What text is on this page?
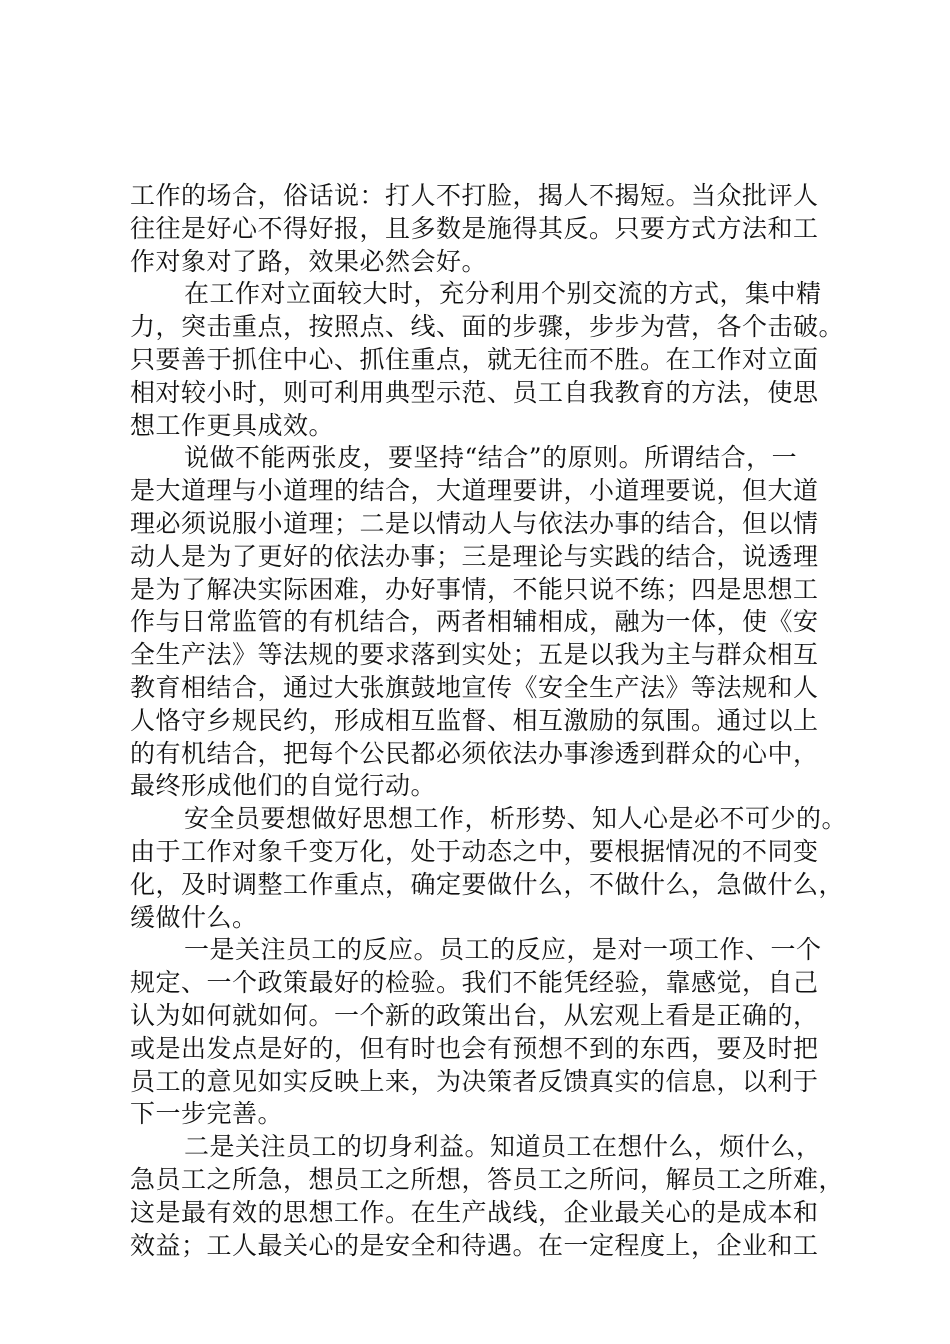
工作的场合，俗话说：打人不打脸，揭人不揭短。当众批评人
往往是好心不得好报，且多数是施得其反。只要方式方法和工
作对象对了路，效果必然会好。
在工作对立面较大时，充分利用个别交流的方式，集中精
力，突击重点，按照点、线、面的步骤，步步为营，各个击破。
只要善于抓住中心、抓住重点，就无往而不胜。在工作对立面
相对较小时，则可利用典型示范、员工自我教育的方法，使思
想工作更具成效。
说做不能两张皮，要坚持“结合”的原则。所谓结合，一
是大道理与小道理的结合，大道理要讲，小道理要说，但大道
理必须说服小道理；二是以情动人与依法办事的结合，但以情
动人是为了更好的依法办事；三是理论与实践的结合，说透理
是为了解决实际困难，办好事情，不能只说不练；四是思想工
作与日常监管的有机结合，两者相辅相成，融为一体，使《安
全生产法》等法规的要求落到实处；五是以我为主与群众相互
教育相结合，通过大张旗鼓地宣传《安全生产法》等法规和人
人恪守乡规民约，形成相互监督、相互激励的氛围。通过以上
的有机结合，把每个公民都必须依法办事渗透到群众的心中，
最终形成他们的自觉行动。
安全员要想做好思想工作，析形势、知人心是必不可少的。
由于工作对象千变万化，处于动态之中，要根据情况的不同变
化，及时调整工作重点，确定要做什么，不做什么，急做什么，
缓做什么。
一是关注员工的反应。员工的反应，是对一项工作、一个
规定、一个政策最好的检验。我们不能凭经验，靠感觉，自己
认为如何就如何。一个新的政策出台，从宏观上看是正确的，
或是出发点是好的，但有时也会有预想不到的东西，要及时把
员工的意见如实反映上来，为决策者反馈真实的信息，以利于
下一步完善。
二是关注员工的切身利益。知道员工在想什么，烦什么，
急员工之所急，想员工之所想，答员工之所问，解员工之所难，
这是最有效的思想工作。在生产战线，企业最关心的是成本和
效益；工人最关心的是安全和待遇。在一定程度上，企业和工
